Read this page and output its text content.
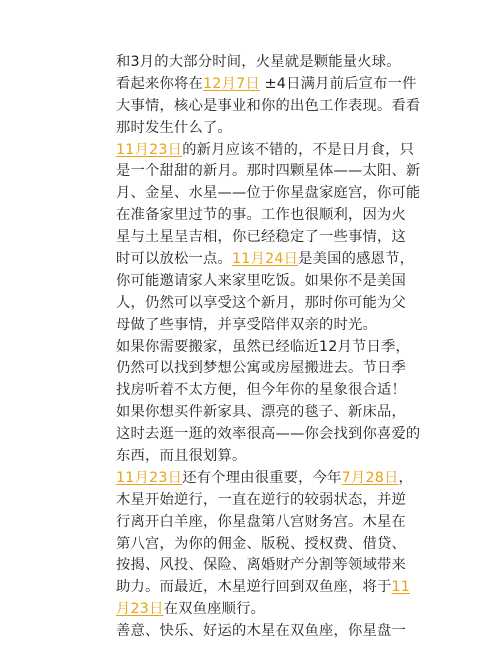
和3月的大部分时间，火星就是颗能量火球。
看起来你将在12月7日 ±4日满月前后宣布一件
大事情，核心是事业和你的出色工作表现。看看
那时发生什么了。
11月23日的新月应该不错的，不是日月食，只
是一个甜甜的新月。那时四颗星体——太阳、新
月、金星、水星——位于你星盘家庭宫，你可能
在准备家里过节的事。工作也很顺利，因为火
星与土星呈吉相，你已经稳定了一些事情，这
时可以放松一点。11月24日是美国的感恩节，
你可能邀请家人来家里吃饭。如果你不是美国
人，仍然可以享受这个新月，那时你可能为父
母做了些事情，并享受陪伴双亲的时光。
如果你需要搬家，虽然已经临近12月节日季，
仍然可以找到梦想公寓或房屋搬进去。节日季
找房听着不太方便，但今年你的星象很合适！
如果你想买件新家具、漂亮的毯子、新床品，
这时去逛一逛的效率很高——你会找到你喜爱的
东西，而且很划算。
11月23日还有个理由很重要，今年7月28日，
木星开始逆行，一直在逆行的较弱状态，并逆
行离开白羊座，你星盘第八宫财务宫。木星在
第八宫，为你的佣金、版税、授权费、借贷、
按揭、风投、保险、离婚财产分割等领域带来
助力。而最近，木星逆行回到双鱼座，将于11
月23日在双鱼座顺行。
善意、快乐、好运的木星在双鱼座，你星盘一
